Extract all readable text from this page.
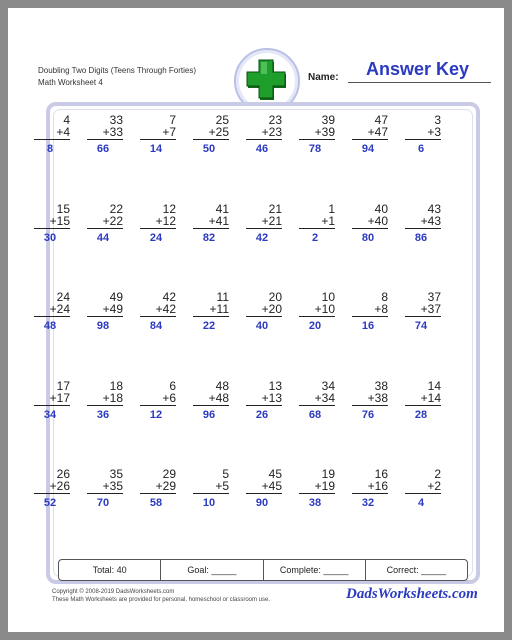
Doubling Two Digits (Teens Through Forties)
Math Worksheet 4	Name: Answer Key
4
+4
8
33
+33
66
7
+7
14
25
+25
50
23
+23
46
39
+39
78
47
+47
94
3
+3
6
15
+15
30
22
+22
44
12
+12
24
41
+41
82
21
+21
42
1
+1
2
40
+40
80
43
+43
86
24
+24
48
49
+49
98
42
+42
84
11
+11
22
20
+20
40
10
+10
20
8
+8
16
37
+37
74
17
+17
34
18
+18
36
6
+6
12
48
+48
96
13
+13
26
34
+34
68
38
+38
76
14
+14
28
26
+26
52
35
+35
70
29
+29
58
5
+5
10
45
+45
90
19
+19
38
16
+16
32
2
+2
4
Total: 40	Goal: _____	Complete: _____	Correct: _____
Copyright © 2008-2019 DadsWorksheets.com
These Math Worksheets are provided for personal, homeschool or classroom use.	DadsWorksheets.com
